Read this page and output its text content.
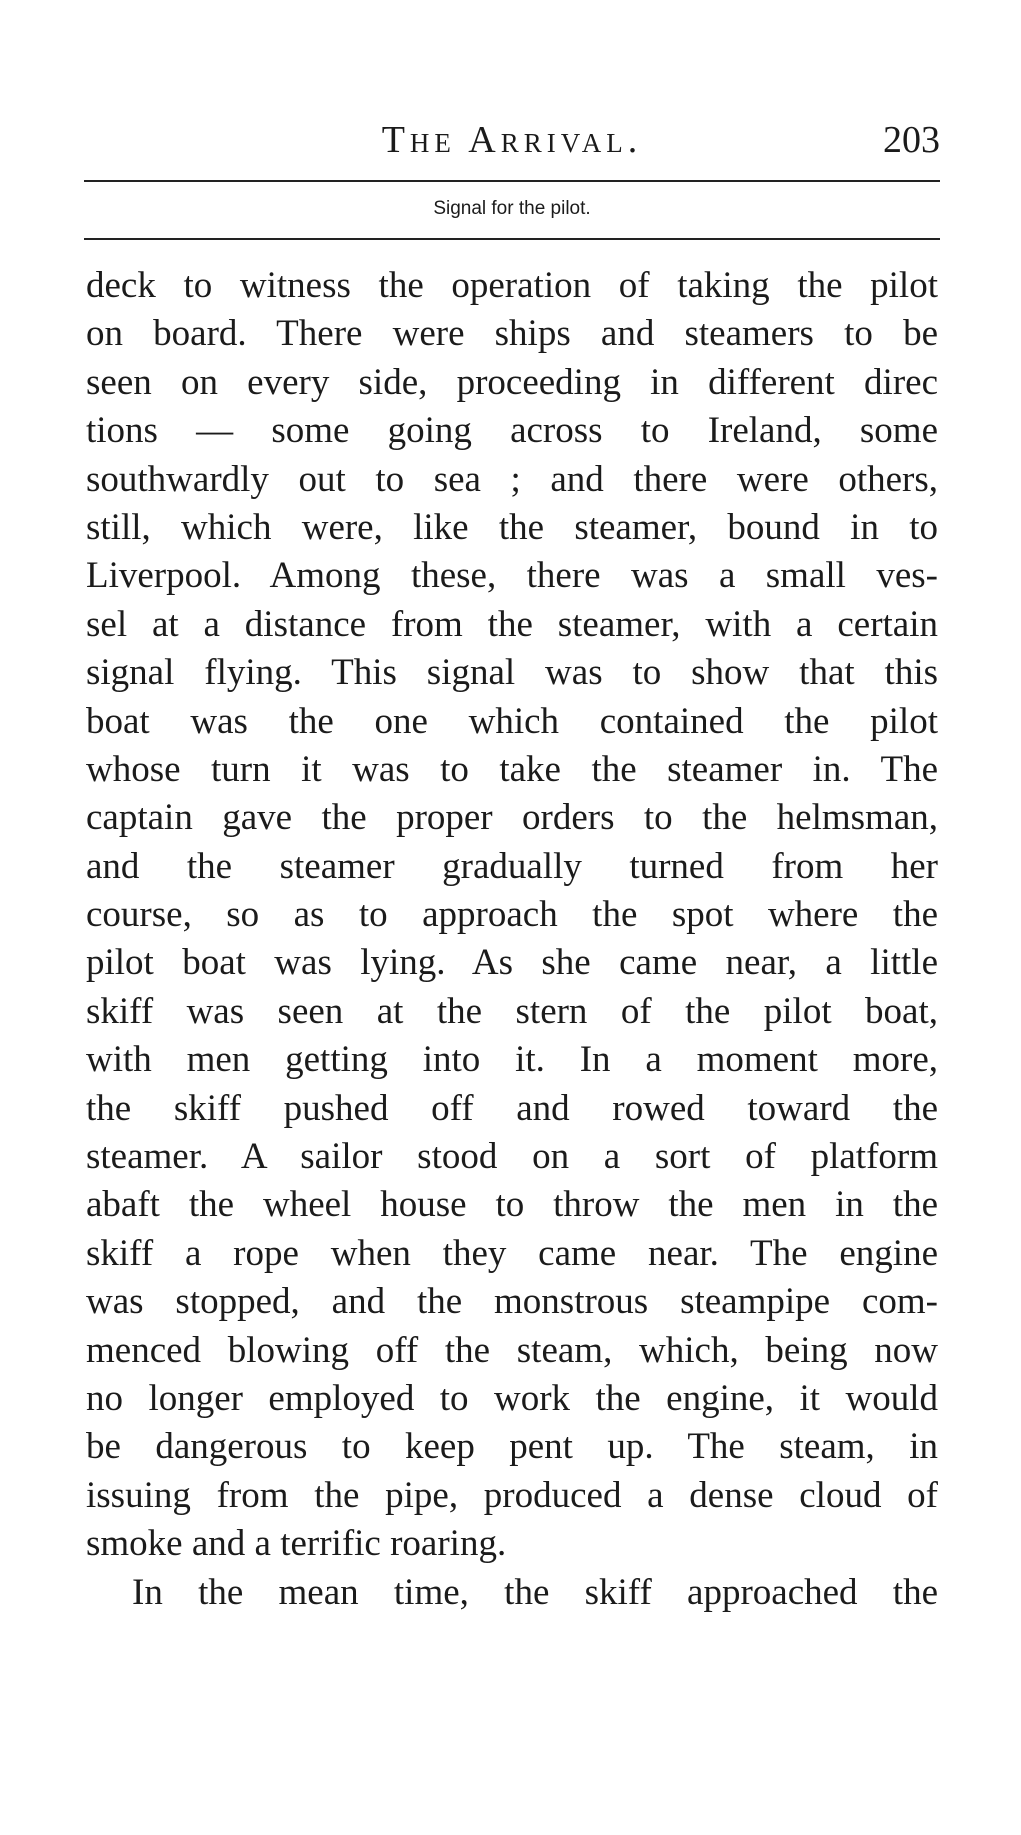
The Arrival.	203
Signal for the pilot.
deck to witness the operation of taking the pilot
on board. There were ships and steamers to be
seen on every side, proceeding in different direc
tions — some going across to Ireland, some
southwardly out to sea ; and there were others,
still, which were, like the steamer, bound in to
Liverpool. Among these, there was a small ves-
sel at a distance from the steamer, with a certain
signal flying. This signal was to show that this
boat was the one which contained the pilot
whose turn it was to take the steamer in. The
captain gave the proper orders to the helmsman,
and the steamer gradually turned from her
course, so as to approach the spot where the
pilot boat was lying. As she came near, a little
skiff was seen at the stern of the pilot boat,
with men getting into it. In a moment more,
the skiff pushed off and rowed toward the
steamer. A sailor stood on a sort of platform
abaft the wheel house to throw the men in the
skiff a rope when they came near. The engine
was stopped, and the monstrous steampipe com-
menced blowing off the steam, which, being now
no longer employed to work the engine, it would
be dangerous to keep pent up. The steam, in
issuing from the pipe, produced a dense cloud of
smoke and a terrific roaring.
In the mean time, the skiff approached the
